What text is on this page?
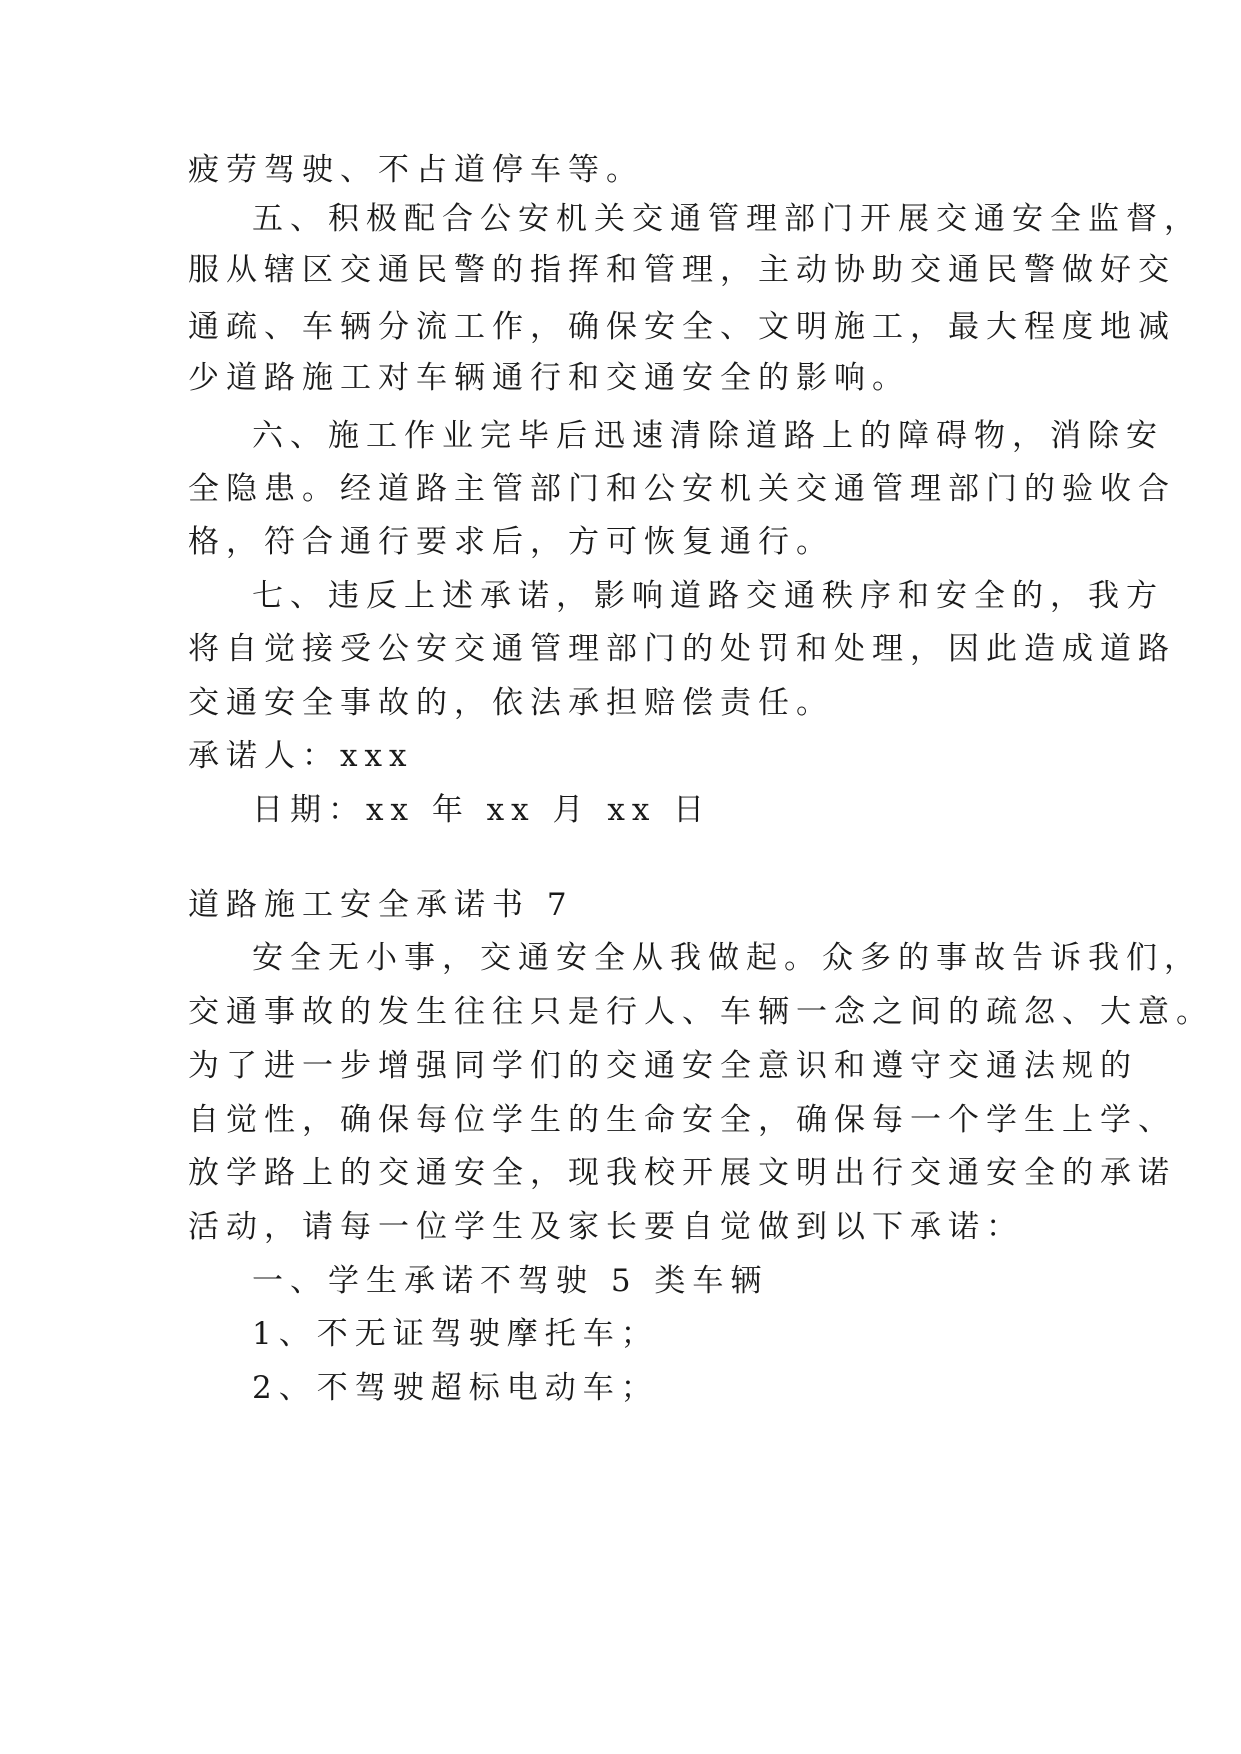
疲劳驾驶、不占道停车等。
五、积极配合公安机关交通管理部门开展交通安全监督，
服从辖区交通民警的指挥和管理，主动协助交通民警做好交
通疏、车辆分流工作，确保安全、文明施工，最大程度地减
少道路施工对车辆通行和交通安全的影响。
六、施工作业完毕后迅速清除道路上的障碍物，消除安
全隐患。经道路主管部门和公安机关交通管理部门的验收合
格，符合通行要求后，方可恢复通行。
七、违反上述承诺，影响道路交通秩序和安全的，我方
将自觉接受公安交通管理部门的处罚和处理，因此造成道路
交通安全事故的，依法承担赔偿责任。
承诺人：xxx
日期：xx 年 xx 月 xx 日
道路施工安全承诺书 7
安全无小事，交通安全从我做起。众多的事故告诉我们，
交通事故的发生往往只是行人、车辆一念之间的疏忽、大意。
为了进一步增强同学们的交通安全意识和遵守交通法规的
自觉性，确保每位学生的生命安全，确保每一个学生上学、
放学路上的交通安全，现我校开展文明出行交通安全的承诺
活动，请每一位学生及家长要自觉做到以下承诺：
一、学生承诺不驾驶 5 类车辆
1、不无证驾驶摩托车；
2、不驾驶超标电动车；
